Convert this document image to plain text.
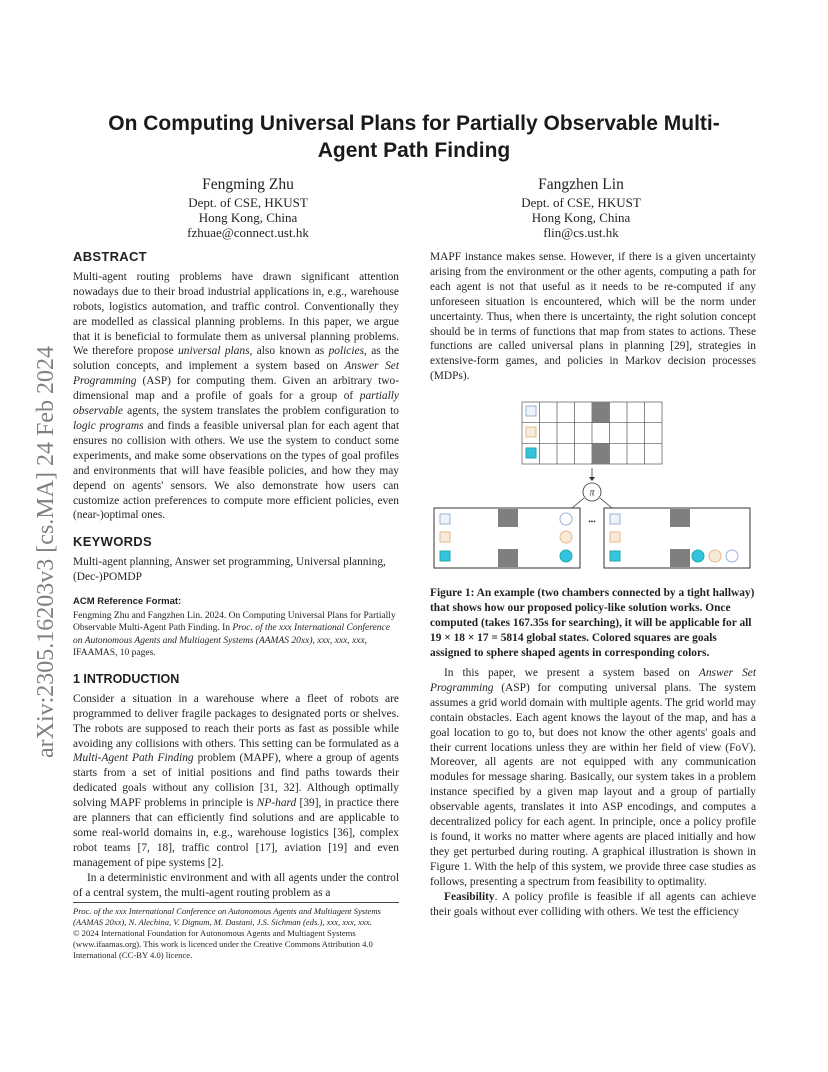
arXiv:2305.16203v3 [cs.MA] 24 Feb 2024
On Computing Universal Plans for Partially Observable Multi-Agent Path Finding
Fengming Zhu
Dept. of CSE, HKUST
Hong Kong, China
fzhuae@connect.ust.hk
Fangzhen Lin
Dept. of CSE, HKUST
Hong Kong, China
flin@cs.ust.hk
ABSTRACT

Multi-agent routing problems have drawn significant attention nowadays due to their broad industrial applications in, e.g., warehouse robots, logistics automation, and traffic control. Conventionally they are modelled as classical planning problems. In this paper, we argue that it is beneficial to formulate them as universal planning problems. We therefore propose universal plans, also known as policies, as the solution concepts, and implement a system based on Answer Set Programming (ASP) for computing them. Given an arbitrary two-dimensional map and a profile of goals for a group of partially observable agents, the system translates the problem configuration to logic programs and finds a feasible universal plan for each agent that ensures no collision with others. We use the system to conduct some experiments, and make some observations on the types of goal profiles and environments that will have feasible policies, and how they may depend on agents' sensors. We also demonstrate how users can customize action preferences to compute more efficient policies, even (near-)optimal ones.

KEYWORDS

Multi-agent planning, Answer set programming, Universal planning, (Dec-)POMDP

ACM Reference Format:

Fengming Zhu and Fangzhen Lin. 2024. On Computing Universal Plans for Partially Observable Multi-Agent Path Finding. In Proc. of the xxx International Conference on Autonomous Agents and Multiagent Systems (AAMAS 20xx), xxx, xxx, xxx, IFAAMAS, 10 pages.

1 INTRODUCTION

Consider a situation in a warehouse where a fleet of robots are programmed to deliver fragile packages to designated ports or shelves. The robots are supposed to reach their ports as fast as possible while avoiding any collisions with others. This setting can be formulated as a Multi-Agent Path Finding problem (MAPF), where a group of agents starts from a set of initial positions and find paths towards their dedicated goals without any collision [31, 32]. Although optimally solving MAPF problems in principle is NP-hard [39], in practice there are planners that can efficiently find solutions and are applicable to some real-world domains in, e.g., warehouse logistics [36], complex robot teams [7, 18], traffic control [17], aviation [19] and even management of pipe systems [2].

In a deterministic environment and with all agents under the control of a central system, the multi-agent routing problem as a

Proc. of the xxx International Conference on Autonomous Agents and Multiagent Systems (AAMAS 20xx), N. Alechina, V. Dignum, M. Dastani, J.S. Sichman (eds.), xxx, xxx, xxx.
© 2024 International Foundation for Autonomous Agents and Multiagent Systems (www.ifaamas.org). This work is licenced under the Creative Commons Attribution 4.0 International (CC-BY 4.0) licence.

MAPF instance makes sense. However, if there is a given uncertainty arising from the environment or the other agents, computing a path for each agent is not that useful as it needs to be re-computed if any unforeseen situation is encountered, which will be the norm under uncertainty. Thus, when there is uncertainty, the right solution concept should be in terms of functions that map from states to actions. These functions are called universal plans in planning [29], strategies in extensive-form games, and policies in Markov decision processes (MDPs).

π
•••
Figure 1: An example (two chambers connected by a tight hallway) that shows how our proposed policy-like solution works. Once computed (takes 167.35s for searching), it will be applicable for all 19 × 18 × 17 = 5814 global states. Colored squares are goals assigned to sphere shaped agents in corresponding colors.

In this paper, we present a system based on Answer Set Programming (ASP) for computing universal plans. The system assumes a grid world domain with multiple agents. The grid world may contain obstacles. Each agent knows the layout of the map, and has a goal location to go to, but does not know the other agents' goals and their current locations unless they are within her field of view (FoV). Moreover, all agents are not equipped with any communication modules for message sharing. Basically, our system takes in a problem instance specified by a given map layout and a group of partially observable agents, translates it into ASP encodings, and computes a decentralized policy for each agent. In principle, once a policy profile is found, it works no matter where agents are placed initially and how they get perturbed during routing. A graphical illustration is shown in Figure 1. With the help of this system, we provide three case studies as follows, presenting a spectrum from feasibility to optimality.

Feasibility. A policy profile is feasible if all agents can achieve their goals without ever colliding with others. We test the efficiency
